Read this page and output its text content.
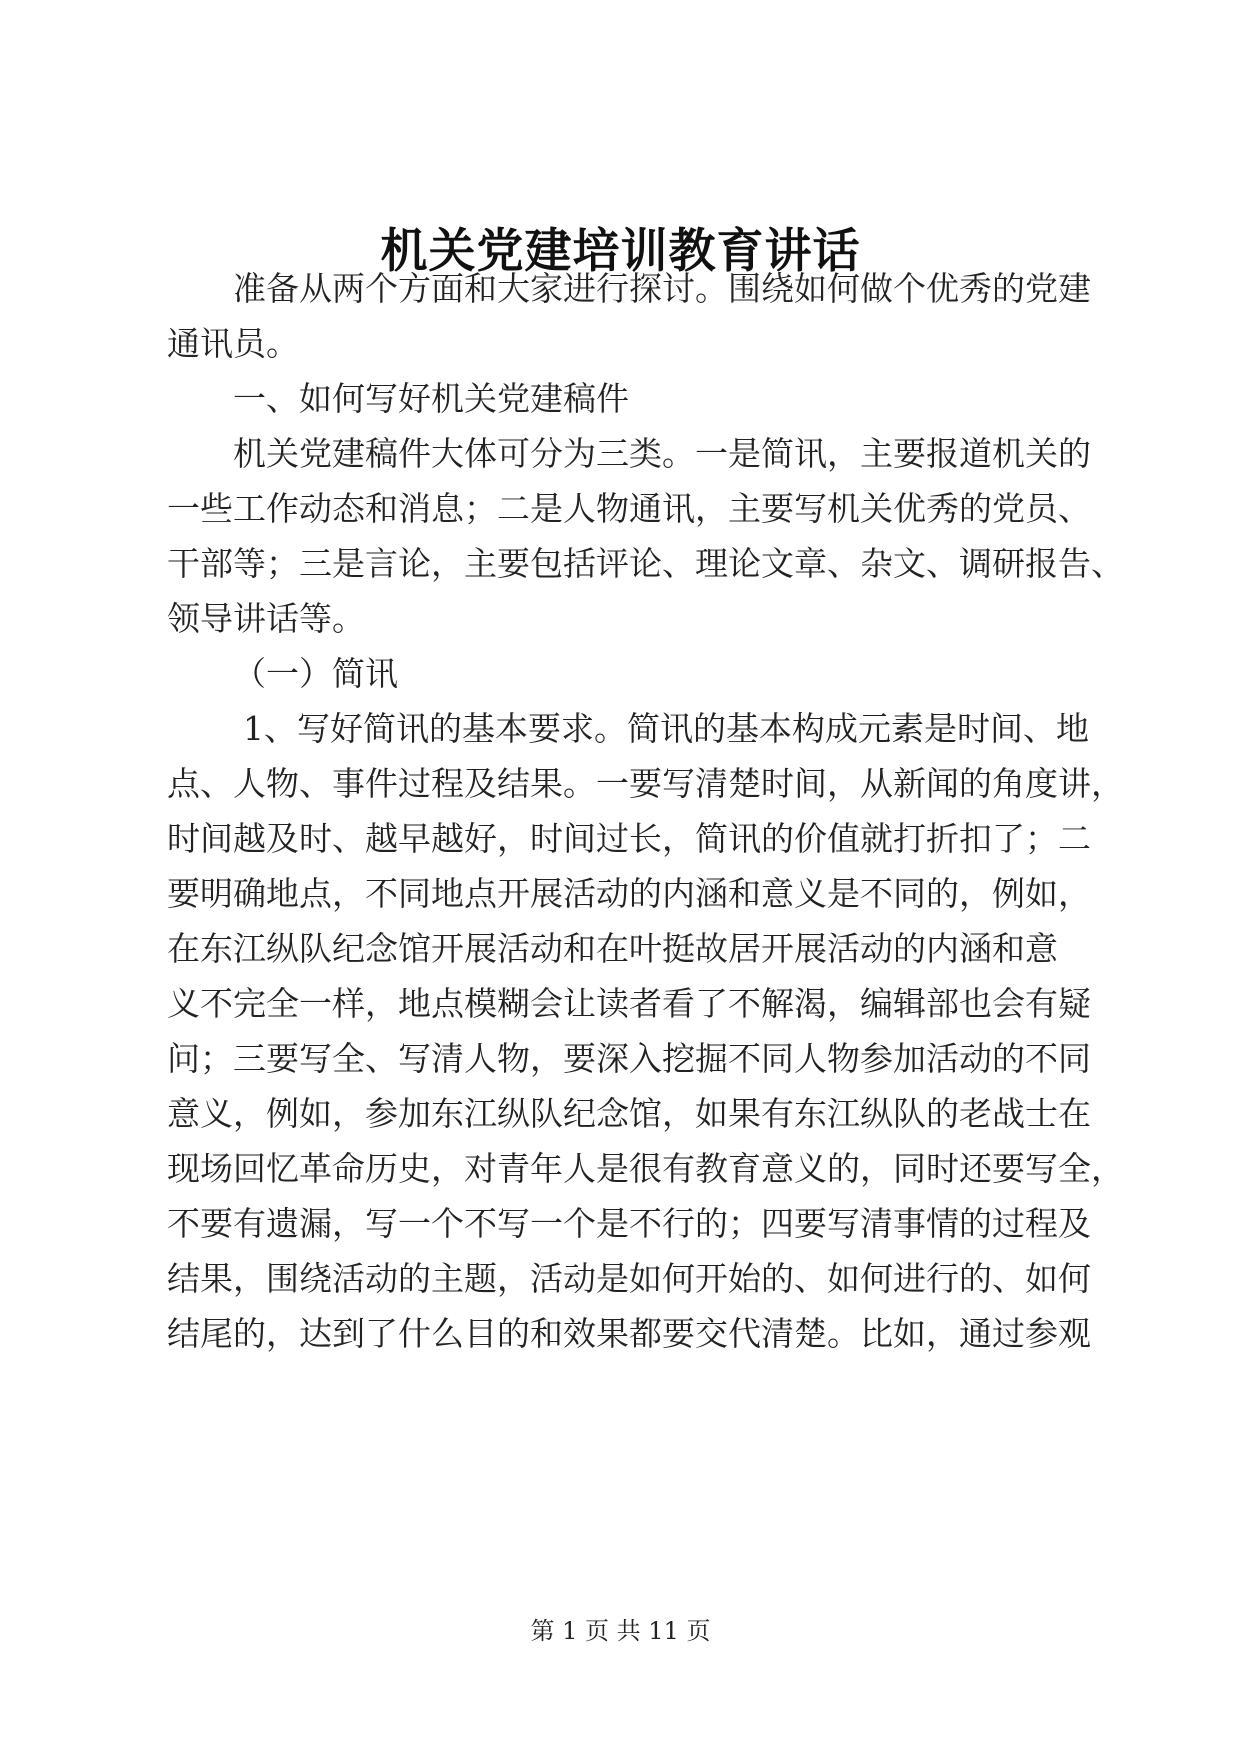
机关党建培训教育讲话
准备从两个方面和大家进行探讨。围绕如何做个优秀的党建
通讯员。
一、如何写好机关党建稿件
机关党建稿件大体可分为三类。一是简讯，主要报道机关的
一些工作动态和消息；二是人物通讯，主要写机关优秀的党员、
干部等；三是言论，主要包括评论、理论文章、杂文、调研报告、
领导讲话等。
（一）简讯
1、写好简讯的基本要求。简讯的基本构成元素是时间、地
点、人物、事件过程及结果。一要写清楚时间，从新闻的角度讲，
时间越及时、越早越好，时间过长，简讯的价值就打折扣了；二
要明确地点，不同地点开展活动的内涵和意义是不同的，例如，
在东江纵队纪念馆开展活动和在叶挺故居开展活动的内涵和意
义不完全一样，地点模糊会让读者看了不解渴，编辑部也会有疑
问；三要写全、写清人物，要深入挖掘不同人物参加活动的不同
意义，例如，参加东江纵队纪念馆，如果有东江纵队的老战士在
现场回忆革命历史，对青年人是很有教育意义的，同时还要写全，
不要有遗漏，写一个不写一个是不行的；四要写清事情的过程及
结果，围绕活动的主题，活动是如何开始的、如何进行的、如何
结尾的，达到了什么目的和效果都要交代清楚。比如，通过参观
第 1 页 共 11 页
